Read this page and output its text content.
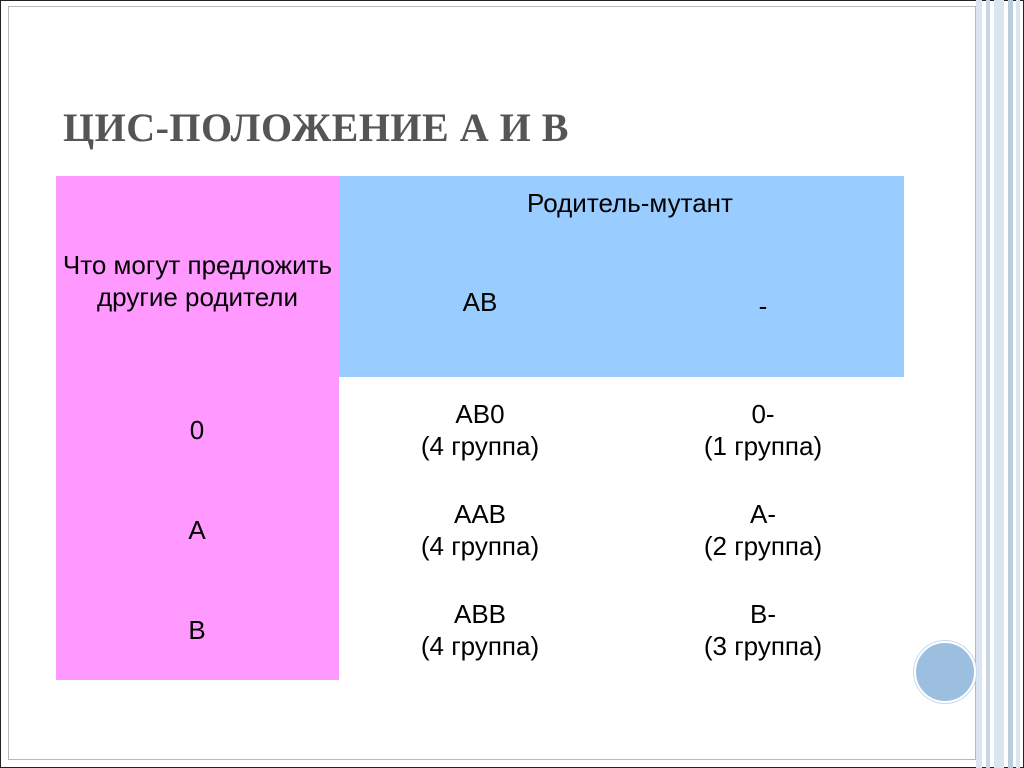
ЦИС-ПОЛОЖЕНИЕ А И В
Что могут предложить другие родители
Родитель-мутант
АВ	-
0
АВ0
(4 группа)
0-
(1 группа)
А
ААВ
(4 группа)
А-
(2 группа)
В
АВВ
(4 группа)
В-
(3 группа)
